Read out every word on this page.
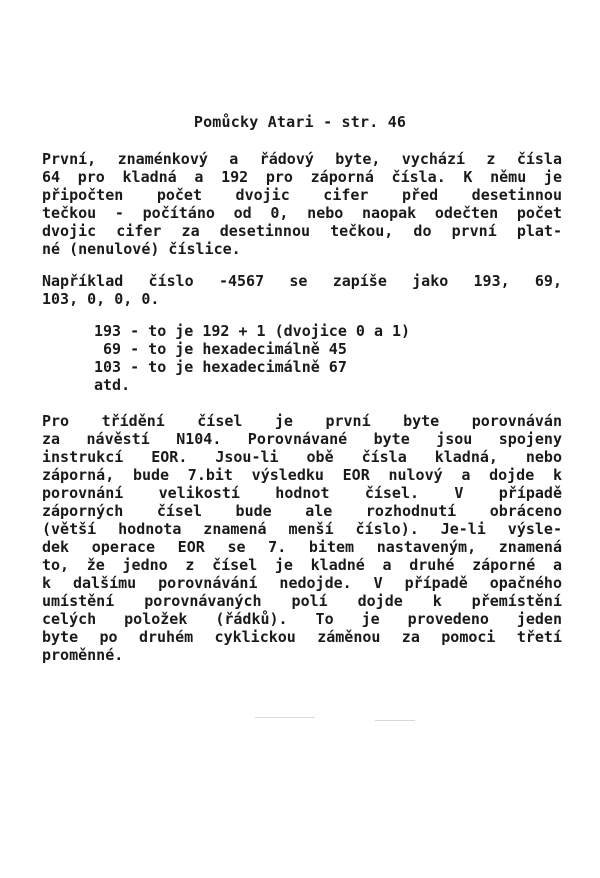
Pomůcky Atari - str. 46
První, znaménkový a řádový byte, vychází z čísla
64 pro kladná a 192 pro záporná čísla. K němu je
připočten počet dvojic cifer před desetinnou
tečkou - počítáno od 0, nebo naopak odečten počet
dvojic cifer za desetinnou tečkou, do první plat-
né (nenulové) číslice.
Například číslo -4567 se zapíše jako 193, 69,
103, 0, 0, 0.
193 - to je 192 + 1 (dvojice 0 a 1)
69 - to je hexadecimálně 45
103 - to je hexadecimálně 67
atd.
Pro třídění čísel je první byte porovnáván
za návěstí N104. Porovnávané byte jsou spojeny
instrukcí EOR. Jsou-li obě čísla kladná, nebo
záporná, bude 7.bit výsledku EOR nulový a dojde k
porovnání velikostí hodnot čísel. V případě
záporných čísel bude ale rozhodnutí obráceno
(větší hodnota znamená menší číslo). Je-li výsle-
dek operace EOR se 7. bitem nastaveným, znamená
to, že jedno z čísel je kladné a druhé záporné a
k dalšímu porovnávání nedojde. V případě opačného
umístění porovnávaných polí dojde k přemístění
celých položek (řádků). To je provedeno jeden
byte po druhém cyklickou záměnou za pomoci třetí
proměnné.
